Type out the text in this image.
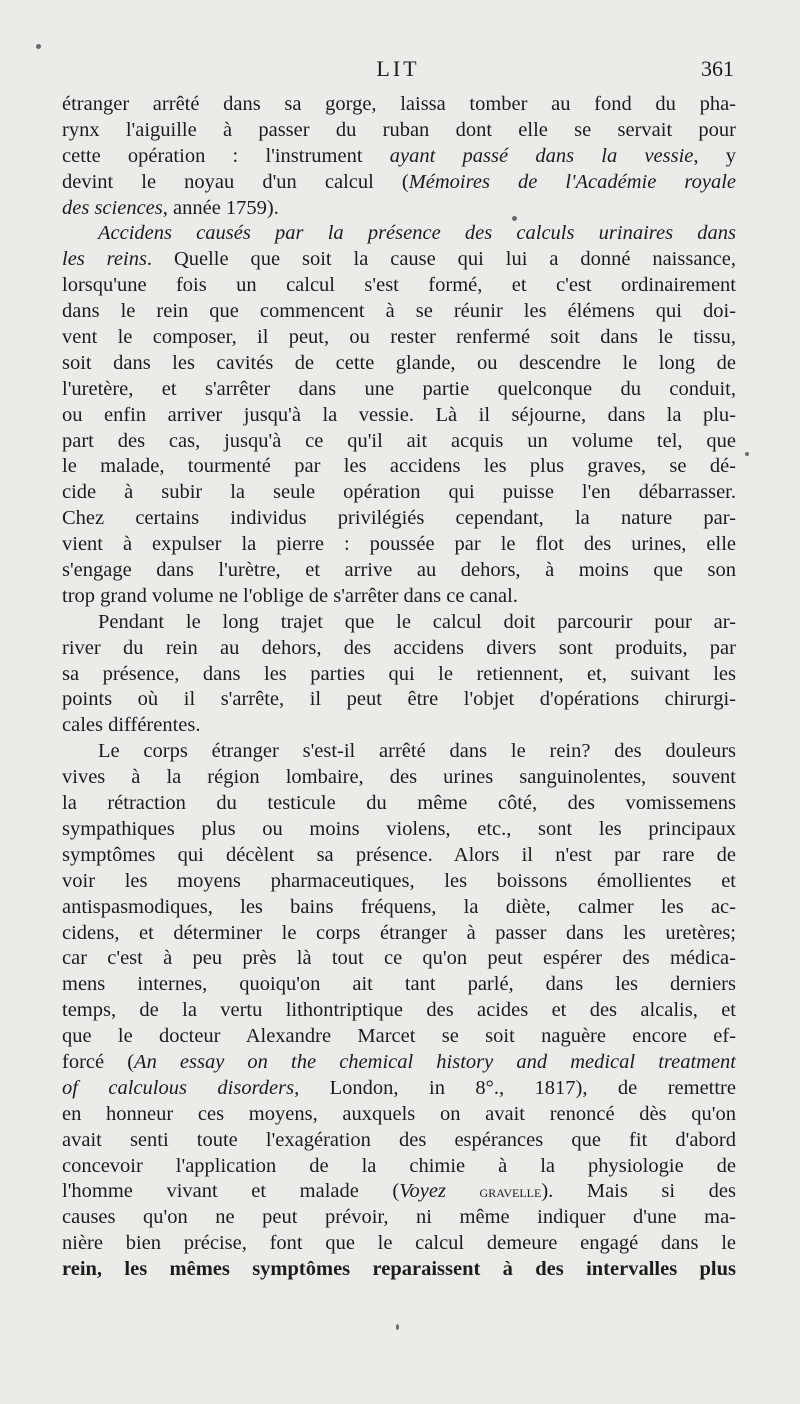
LIT	361
étranger arrêté dans sa gorge, laissa tomber au fond du pha-
rynx l'aiguille à passer du ruban dont elle se servait pour
cette opération : l'instrument ayant passé dans la vessie, y
devint le noyau d'un calcul (Mémoires de l'Académie royale
des sciences, année 1759).
Accidens causés par la présence des calculs urinaires dans
les reins. Quelle que soit la cause qui lui a donné naissance,
lorsqu'une fois un calcul s'est formé, et c'est ordinairement
dans le rein que commencent à se réunir les élémens qui doi-
vent le composer, il peut, ou rester renfermé soit dans le tissu,
soit dans les cavités de cette glande, ou descendre le long de
l'uretère, et s'arrêter dans une partie quelconque du conduit,
ou enfin arriver jusqu'à la vessie. Là il séjourne, dans la plu-
part des cas, jusqu'à ce qu'il ait acquis un volume tel, que
le malade, tourmenté par les accidens les plus graves, se dé-
cide à subir la seule opération qui puisse l'en débarrasser.
Chez certains individus privilégiés cependant, la nature par-
vient à expulser la pierre : poussée par le flot des urines, elle
s'engage dans l'urètre, et arrive au dehors, à moins que son
trop grand volume ne l'oblige de s'arrêter dans ce canal.
Pendant le long trajet que le calcul doit parcourir pour ar-
river du rein au dehors, des accidens divers sont produits, par
sa présence, dans les parties qui le retiennent, et, suivant les
points où il s'arrête, il peut être l'objet d'opérations chirurgi-
cales différentes.
Le corps étranger s'est-il arrêté dans le rein? des douleurs
vives à la région lombaire, des urines sanguinolentes, souvent
la rétraction du testicule du même côté, des vomissemens
sympathiques plus ou moins violens, etc., sont les principaux
symptômes qui décèlent sa présence. Alors il n'est par rare de
voir les moyens pharmaceutiques, les boissons émollientes et
antispasmodiques, les bains fréquens, la diète, calmer les ac-
cidens, et déterminer le corps étranger à passer dans les uretères;
car c'est à peu près là tout ce qu'on peut espérer des médica-
mens internes, quoiqu'on ait tant parlé, dans les derniers
temps, de la vertu lithontriptique des acides et des alcalis, et
que le docteur Alexandre Marcet se soit naguère encore ef-
forcé (An essay on the chemical history and medical treatment
of calculous disorders, London, in 8°., 1817), de remettre
en honneur ces moyens, auxquels on avait renoncé dès qu'on
avait senti toute l'exagération des espérances que fit d'abord
concevoir l'application de la chimie à la physiologie de
l'homme vivant et malade (Voyez gravelle). Mais si des
causes qu'on ne peut prévoir, ni même indiquer d'une ma-
nière bien précise, font que le calcul demeure engagé dans le
rein, les mêmes symptômes reparaissent à des intervalles plus
